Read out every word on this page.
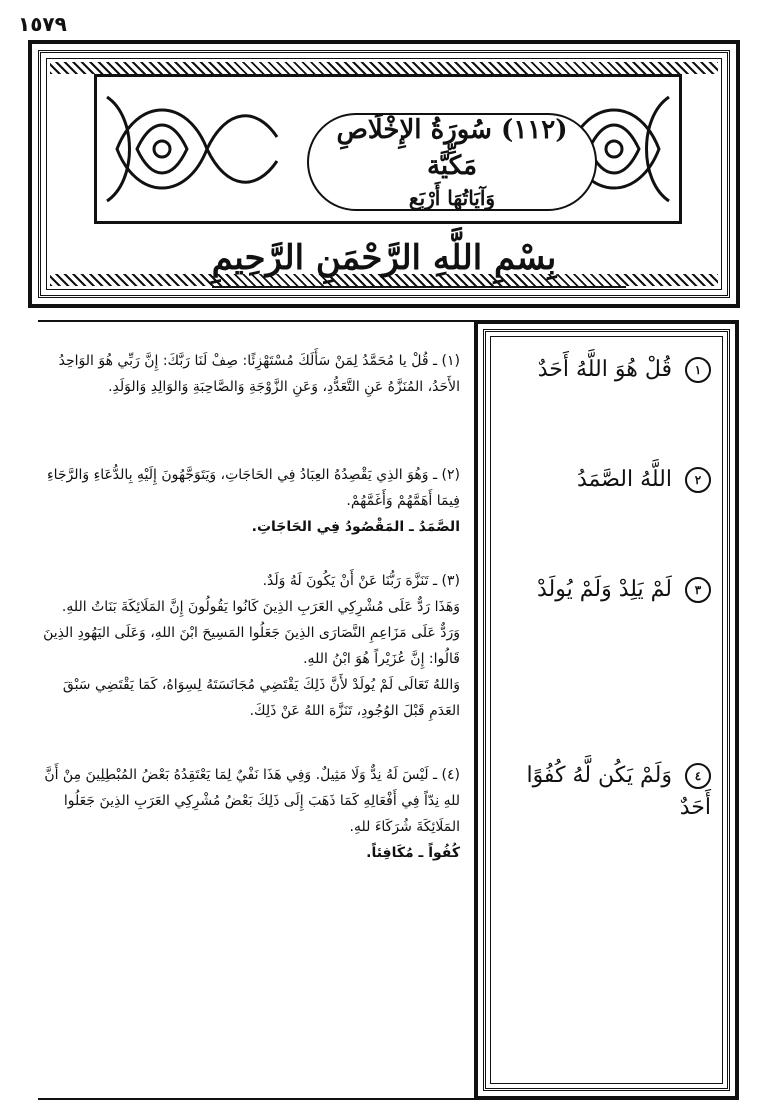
١٥٧٩
(١١٢) سُورَةُ الإِخْلَاصِ مَكِّيَّة
وَآيَاتُهَا أَرْبَع
بِسْمِ اللَّهِ الرَّحْمَنِ الرَّحِيمِ

(١) ـ قُلْ يا مُحَمَّدُ لِمَنْ سَأَلَكَ مُسْتَهْزِئًا: صِفْ لَنَا رَبَّكَ: إِنَّ رَبِّي هُوَ الوَاحِدُ الأَحَدُ، المُنَزَّهُ عَنِ التَّعَدُّدِ، وَعَنِ الزَّوْجَةِ وَالصَّاحِبَةِ وَالوَالِدِ وَالوَلَدِ.

(٢) ـ وَهُوَ الذِي يَقْصِدُهُ العِبَادُ فِي الحَاجَاتِ، وَيَتَوَجَّهُونَ إِلَيْهِ بِالدُّعَاءِ وَالرَّجَاءِ فِيمَا أَهَمَّهُمْ وَأَغَمَّهُمْ.

الصَّمَدُ ـ المَقْصُودُ فِي الحَاجَاتِ.

(٣) ـ تَنَزَّهَ رَبُّنَا عَنْ أَنْ يَكُونَ لَهُ وَلَدٌ.

وَهَذَا رَدٌّ عَلَى مُشْرِكِي العَرَبِ الذِينَ كَانُوا يَقُولُونَ إِنَّ المَلَائِكَةَ بَنَاتُ اللهِ.

وَرَدٌّ عَلَى مَزَاعِمِ النَّصَارَى الذِينَ جَعَلُوا المَسِيحَ ابْنَ اللهِ، وَعَلَى اليَهُودِ الذِينَ قَالُوا: إِنَّ عُزَيْراً هُوَ ابْنُ اللهِ.

وَاللهُ تَعَالَى لَمْ يُولَدْ لأَنَّ ذَلِكَ يَقْتَضِي مُجَانَسَتَهُ لِسِوَاهُ، كَمَا يَقْتَضِي سَبْقَ العَدَمِ قَبْلَ الوُجُودِ، تَنَزَّهَ اللهُ عَنْ ذَلِكَ.

(٤) ـ لَيْسَ لَهُ نِدٌّ وَلَا مَثِيلٌ. وَفِي هَذَا نَفْيٌ لِمَا يَعْتَقِدُهُ بَعْضُ المُبْطِلِينَ مِنْ أَنَّ للهِ نِدّاً فِي أَفْعَالِهِ كَمَا ذَهَبَ إِلَى ذَلِكَ بَعْضُ مُشْرِكِي العَرَبِ الذِينَ جَعَلُوا المَلَائِكَةَ شُرَكَاءَ للهِ.

كُفُواً ـ مُكَافِئاً.

١ قُلْ هُوَ اللَّهُ أَحَدٌ
٢ اللَّهُ الصَّمَدُ
٣ لَمْ يَلِدْ وَلَمْ يُولَدْ
٤ وَلَمْ يَكُن لَّهُ كُفُوًا أَحَدٌ
